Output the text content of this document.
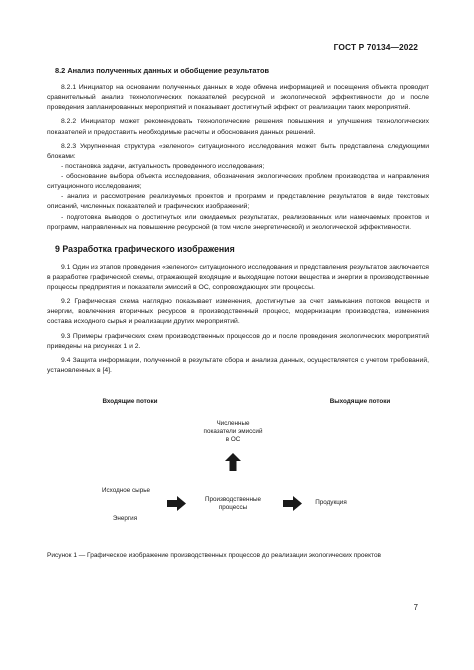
ГОСТ Р 70134—2022
8.2 Анализ полученных данных и обобщение результатов

8.2.1 Инициатор на основании полученных данных в ходе обмена информацией и посещения объекта проводит сравнительный анализ технологических показателей ресурсной и экологической эффективности до и после проведения запланированных мероприятий и показывает достигнутый эффект от реализации таких мероприятий.

8.2.2 Инициатор может рекомендовать технологические решения повышения и улучшения технологических показателей и предоставить необходимые расчеты и обоснования данных решений.

8.2.3 Укрупненная структура «зеленого» ситуационного исследования может быть представлена следующими блоками:

- постановка задачи, актуальность проведенного исследования;

- обоснование выбора объекта исследования, обозначения экологических проблем производства и направления ситуационного исследования;

- анализ и рассмотрение реализуемых проектов и программ и представление результатов в виде текстовых описаний, численных показателей и графических изображений;

- подготовка выводов о достигнутых или ожидаемых результатах, реализованных или намечаемых проектов и программ, направленных на повышение ресурсной (в том числе энергетической) и экологической эффективности.

9 Разработка графического изображения

9.1 Один из этапов проведения «зеленого» ситуационного исследования и представления результатов заключается в разработке графической схемы, отражающей входящие и выходящие потоки вещества и энергии в производственные процессы предприятия и показатели эмиссий в ОС, сопровождающих эти процессы.

9.2 Графическая схема наглядно показывает изменения, достигнутые за счет замыкания потоков веществ и энергии, вовлечения вторичных ресурсов в производственный процесс, модернизации производства, изменения состава исходного сырья и реализации других мероприятий.

9.3 Примеры графических схем производственных процессов до и после проведения экологических мероприятий приведены на рисунках 1 и 2.

9.4 Защита информации, полученной в результате сбора и анализа данных, осуществляется с учетом требований, установленных в [4].

Входящие потоки	Выходящие потоки
Численные
показатели эмиссий
в ОС
Исходное сырье
Энергия
Производственные
процессы
Продукция
Рисунок 1 — Графическое изображение производственных процессов до реализации экологических проектов
7
